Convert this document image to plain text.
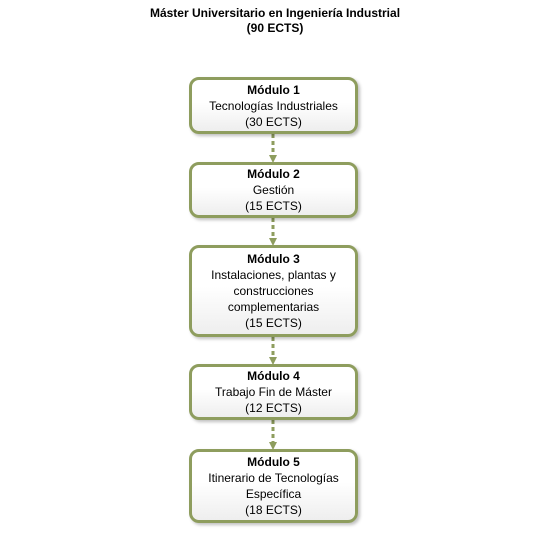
Máster Universitario en Ingeniería Industrial
(90 ECTS)
Módulo 1
Tecnologías Industriales
(30 ECTS)
Módulo 2
Gestión
(15 ECTS)
Módulo 3
Instalaciones, plantas y
construcciones
complementarias
(15 ECTS)
Módulo 4
Trabajo Fin de Máster
(12 ECTS)
Módulo 5
Itinerario de Tecnologías
Específica
(18 ECTS)
